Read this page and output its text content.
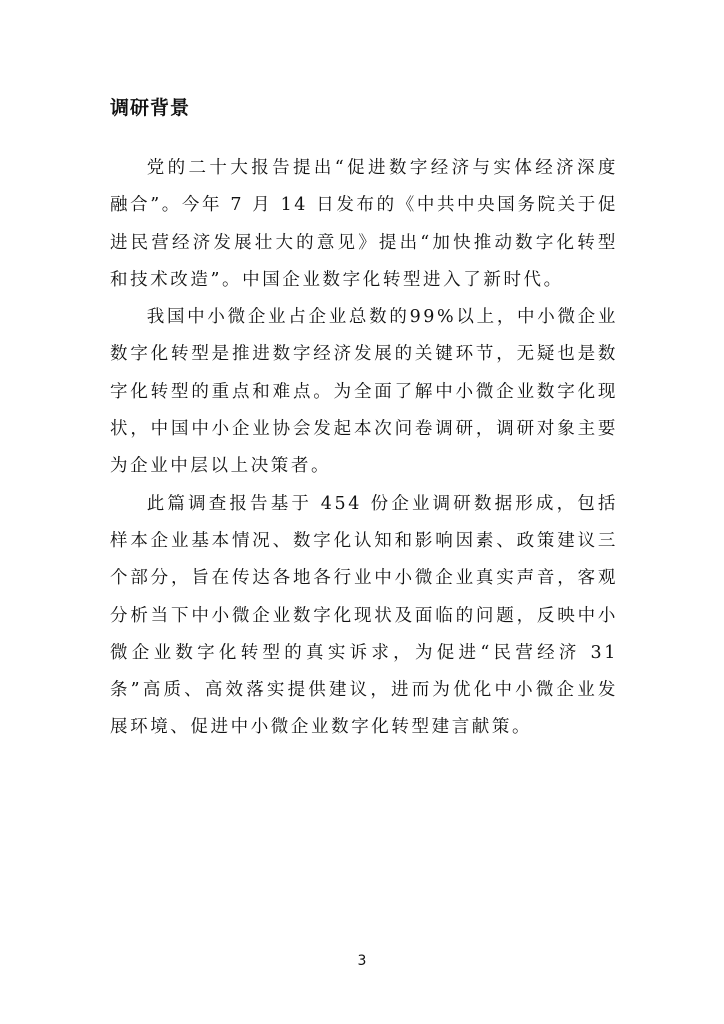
调研背景

党的二十大报告提出“促进数字经济与实体经济深度融合”。今年 7 月 14 日发布的《中共中央国务院关于促进民营经济发展壮大的意见》提出“加快推动数字化转型和技术改造”。中国企业数字化转型进入了新时代。

我国中小微企业占企业总数的99%以上，中小微企业数字化转型是推进数字经济发展的关键环节，无疑也是数字化转型的重点和难点。为全面了解中小微企业数字化现状，中国中小企业协会发起本次问卷调研，调研对象主要为企业中层以上决策者。

此篇调查报告基于 454 份企业调研数据形成，包括样本企业基本情况、数字化认知和影响因素、政策建议三个部分，旨在传达各地各行业中小微企业真实声音，客观分析当下中小微企业数字化现状及面临的问题，反映中小微企业数字化转型的真实诉求，为促进“民营经济 31 条”高质、高效落实提供建议，进而为优化中小微企业发展环境、促进中小微企业数字化转型建言献策。

3
